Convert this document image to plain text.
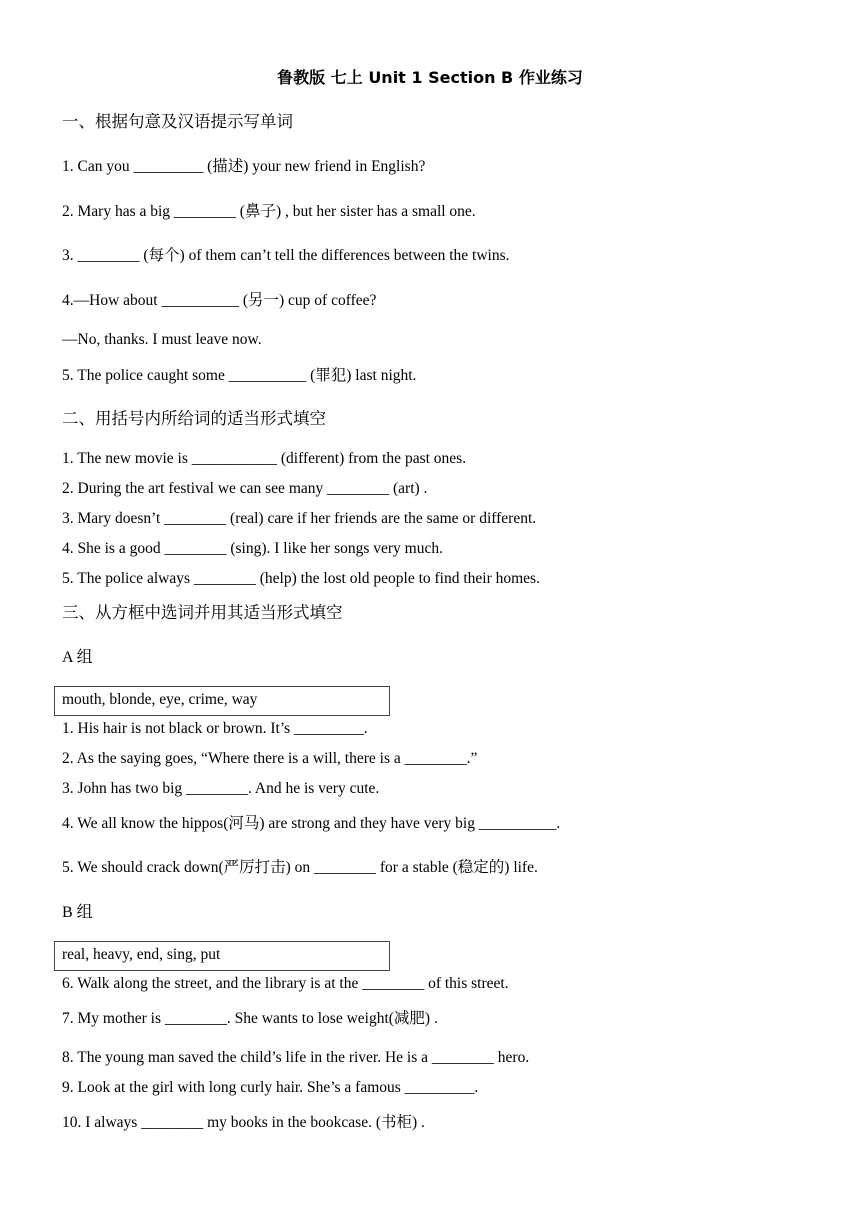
鲁教版 七上 Unit 1 Section B 作业练习
一、根据句意及汉语提示写单词
1. Can you _________ (描述) your new friend in English?
2. Mary has a big ________ (鼻子) , but her sister has a small one.
3. ________ (每个) of them can’t tell the differences between the twins.
4.—How about __________ (另一) cup of coffee?
—No, thanks. I must leave now.
5. The police caught some __________ (罪犯) last night.
二、用括号内所给词的适当形式填空
1. The new movie is ___________ (different) from the past ones.
2. During the art festival we can see many ________ (art) .
3. Mary doesn’t ________ (real) care if her friends are the same or different.
4. She is a good ________ (sing). I like her songs very much.
5. The police always ________ (help) the lost old people to find their homes.
三、从方框中选词并用其适当形式填空
A 组
mouth, blonde, eye, crime, way
1. His hair is not black or brown. It’s _________.
2. As the saying goes, “Where there is a will, there is a ________.”
3. John has two big ________. And he is very cute.
4. We all know the hippos(河马) are strong and they have very big __________.
5. We should crack down(严厉打击) on ________ for a stable (稳定的) life.
B 组
real, heavy, end, sing, put
6. Walk along the street, and the library is at the ________ of this street.
7. My mother is ________. She wants to lose weight(减肥) .
8. The young man saved the child’s life in the river. He is a ________ hero.
9. Look at the girl with long curly hair. She’s a famous _________.
10. I always ________ my books in the bookcase. (书柜) .
